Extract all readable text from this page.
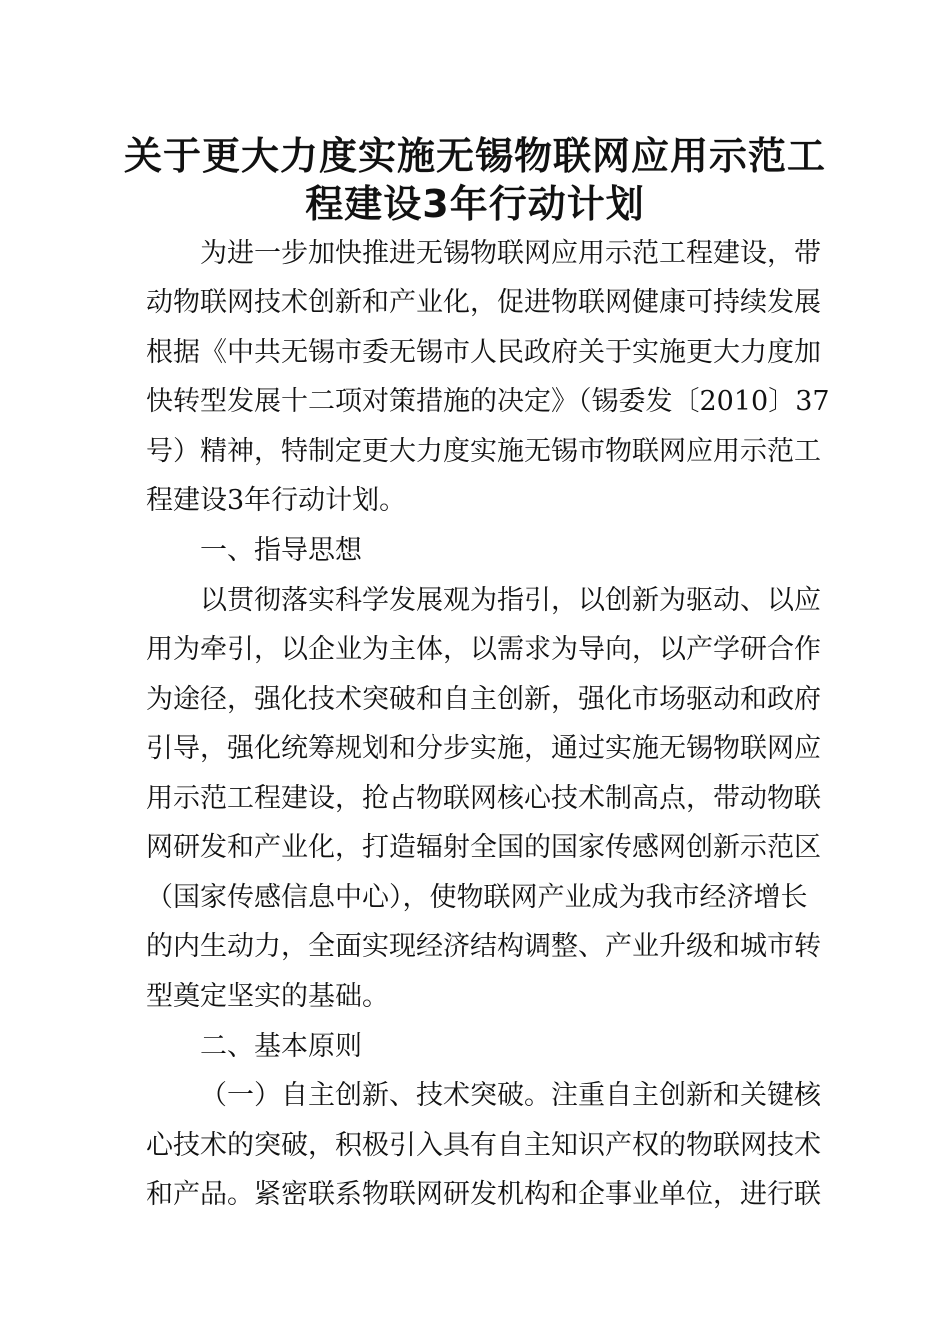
关于更大力度实施无锡物联网应用示范工
程建设3年行动计划
为进一步加快推进无锡物联网应用示范工程建设，带
动物联网技术创新和产业化，促进物联网健康可持续发展
根据《中共无锡市委无锡市人民政府关于实施更大力度加
快转型发展十二项对策措施的决定》（锡委发〔2010〕37
号）精神，特制定更大力度实施无锡市物联网应用示范工
程建设3年行动计划。
一、指导思想
以贯彻落实科学发展观为指引，以创新为驱动、以应
用为牵引，以企业为主体，以需求为导向，以产学研合作
为途径，强化技术突破和自主创新，强化市场驱动和政府
引导，强化统筹规划和分步实施，通过实施无锡物联网应
用示范工程建设，抢占物联网核心技术制高点，带动物联
网研发和产业化，打造辐射全国的国家传感网创新示范区
（国家传感信息中心），使物联网产业成为我市经济增长
的内生动力，全面实现经济结构调整、产业升级和城市转
型奠定坚实的基础。
二、基本原则
（一）自主创新、技术突破。注重自主创新和关键核
心技术的突破，积极引入具有自主知识产权的物联网技术
和产品。紧密联系物联网研发机构和企事业单位，进行联
